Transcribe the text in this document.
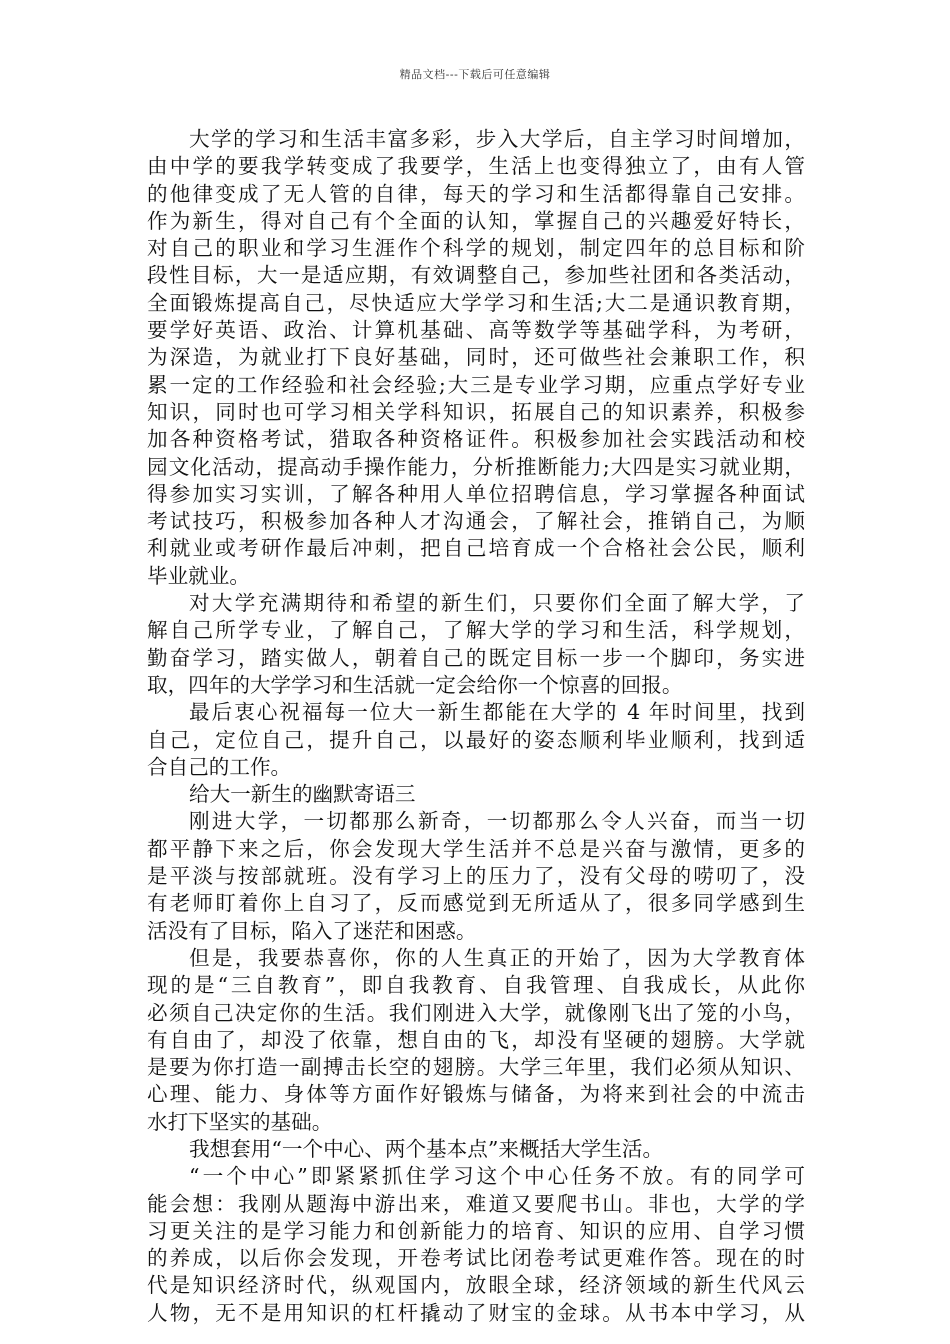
精品文档---下载后可任意编辑
大学的学习和生活丰富多彩，步入大学后，自主学习时间增加，
由中学的要我学转变成了我要学，生活上也变得独立了，由有人管
的他律变成了无人管的自律，每天的学习和生活都得靠自己安排。
作为新生，得对自己有个全面的认知，掌握自己的兴趣爱好特长，
对自己的职业和学习生涯作个科学的规划，制定四年的总目标和阶
段性目标，大一是适应期，有效调整自己，参加些社团和各类活动，
全面锻炼提高自己，尽快适应大学学习和生活;大二是通识教育期，
要学好英语、政治、计算机基础、高等数学等基础学科，为考研，
为深造，为就业打下良好基础，同时，还可做些社会兼职工作，积
累一定的工作经验和社会经验;大三是专业学习期，应重点学好专业
知识，同时也可学习相关学科知识，拓展自己的知识素养，积极参
加各种资格考试，猎取各种资格证件。积极参加社会实践活动和校
园文化活动，提高动手操作能力，分析推断能力;大四是实习就业期，
得参加实习实训，了解各种用人单位招聘信息，学习掌握各种面试
考试技巧，积极参加各种人才沟通会，了解社会，推销自己，为顺
利就业或考研作最后冲刺，把自己培育成一个合格社会公民，顺利
毕业就业。
对大学充满期待和希望的新生们，只要你们全面了解大学，了
解自己所学专业，了解自己，了解大学的学习和生活，科学规划，
勤奋学习，踏实做人，朝着自己的既定目标一步一个脚印，务实进
取，四年的大学学习和生活就一定会给你一个惊喜的回报。
最后衷心祝福每一位大一新生都能在大学的 4 年时间里，找到
自己，定位自己，提升自己，以最好的姿态顺利毕业顺利，找到适
合自己的工作。
给大一新生的幽默寄语三
刚进大学，一切都那么新奇，一切都那么令人兴奋，而当一切
都平静下来之后，你会发现大学生活并不总是兴奋与激情，更多的
是平淡与按部就班。没有学习上的压力了，没有父母的唠叨了，没
有老师盯着你上自习了，反而感觉到无所适从了，很多同学感到生
活没有了目标，陷入了迷茫和困惑。
但是，我要恭喜你，你的人生真正的开始了，因为大学教育体
现的是“三自教育”，即自我教育、自我管理、自我成长，从此你
必须自己决定你的生活。我们刚进入大学，就像刚飞出了笼的小鸟，
有自由了，却没了依靠，想自由的飞，却没有坚硬的翅膀。大学就
是要为你打造一副搏击长空的翅膀。大学三年里，我们必须从知识、
心理、能力、身体等方面作好锻炼与储备，为将来到社会的中流击
水打下坚实的基础。
我想套用“一个中心、两个基本点”来概括大学生活。
“一个中心”即紧紧抓住学习这个中心任务不放。有的同学可
能会想：我刚从题海中游出来，难道又要爬书山。非也，大学的学
习更关注的是学习能力和创新能力的培育、知识的应用、自学习惯
的养成，以后你会发现，开卷考试比闭卷考试更难作答。现在的时
代是知识经济时代，纵观国内，放眼全球，经济领域的新生代风云
人物，无不是用知识的杠杆撬动了财宝的金球。从书本中学习，从
